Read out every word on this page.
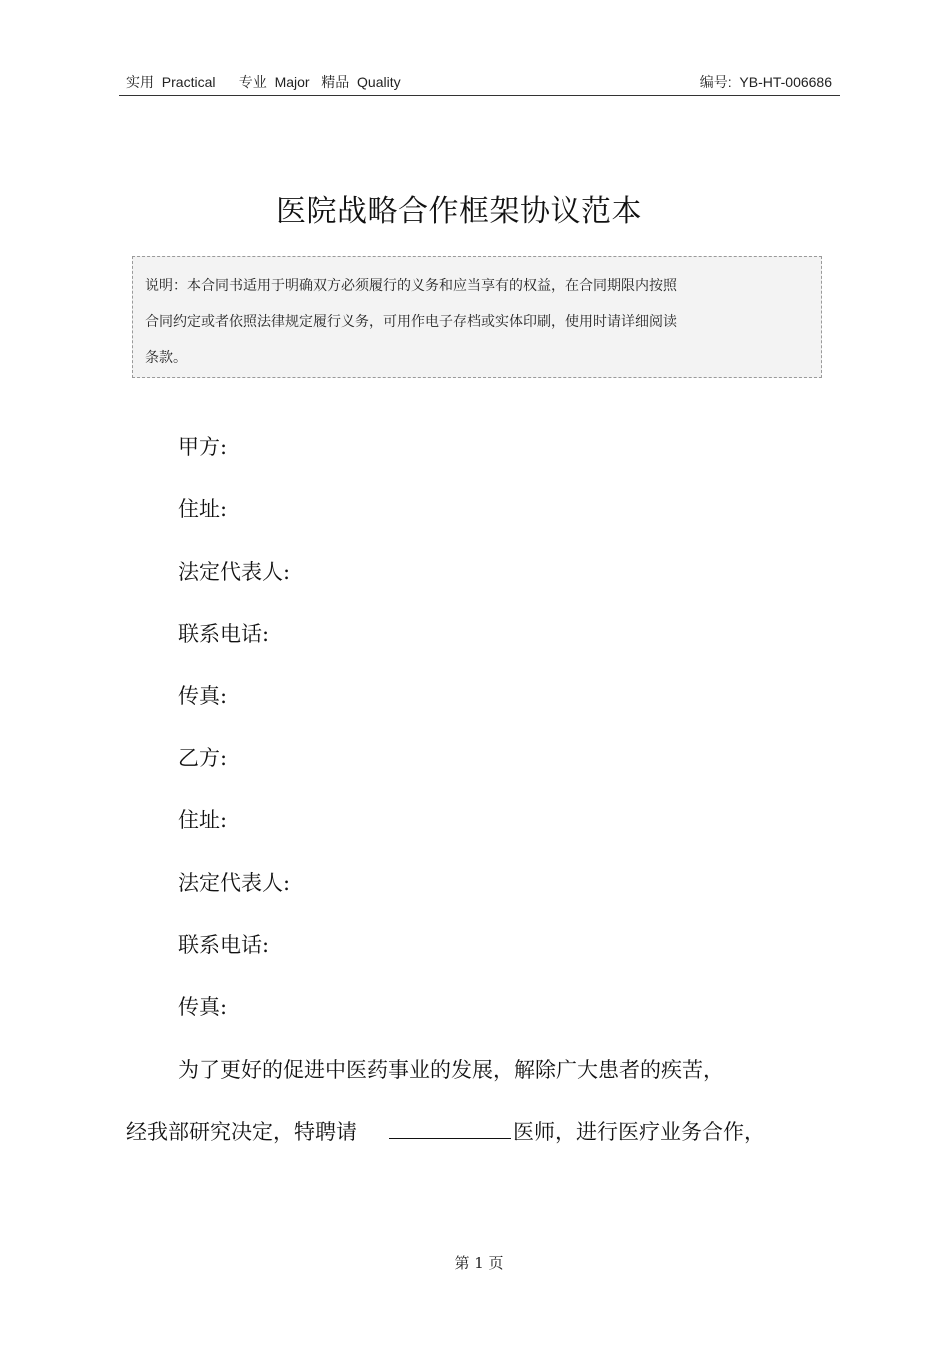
实用  Practical      专业  Major   精品  Quality	编号:  YB-HT-006686
医院战略合作框架协议范本
说明：本合同书适用于明确双方必须履行的义务和应当享有的权益，在合同期限内按照
合同约定或者依照法律规定履行义务，可用作电子存档或实体印刷，使用时请详细阅读
条款。
甲方:
住址:
法定代表人:
联系电话:
传真:
乙方:
住址:
法定代表人:
联系电话:
传真:
为了更好的促进中医药事业的发展，解除广大患者的疾苦，
经我部研究决定，特聘请	医师，进行医疗业务合作，
第 1 页
